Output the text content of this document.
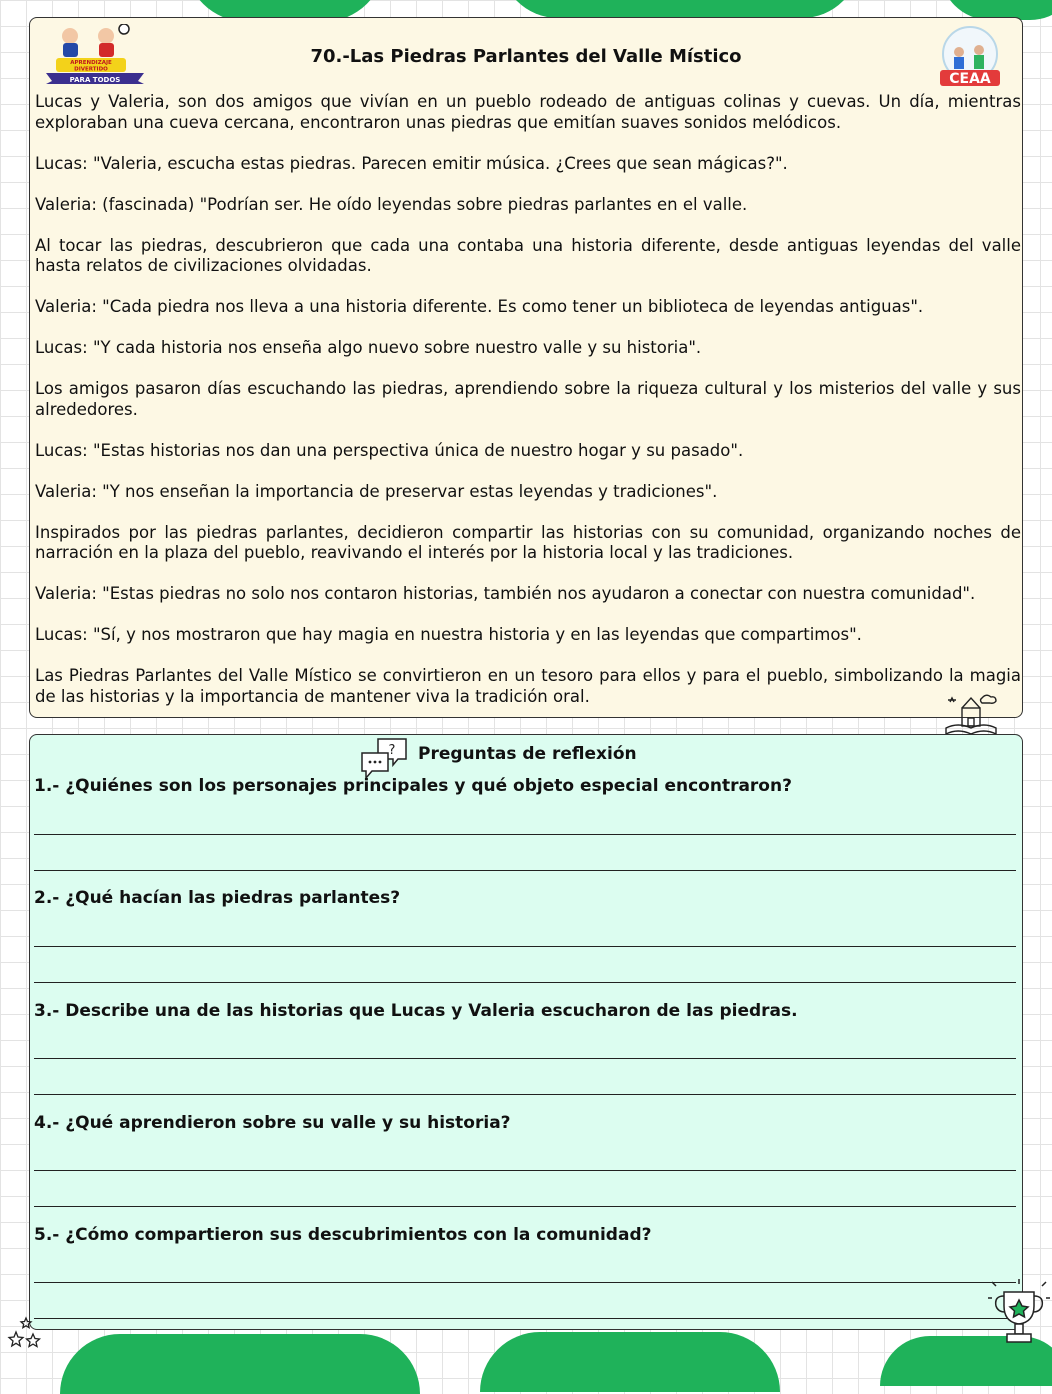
APRENDIZAJE
DIVERTIDO
PARA TODOS
70.-Las Piedras Parlantes del Valle Místico
CEAA

Lucas y Valeria, son dos amigos que vivían en un pueblo rodeado de antiguas colinas y cuevas. Un día, mientras exploraban una cueva cercana, encontraron unas piedras que emitían suaves sonidos melódicos.

Lucas: "Valeria, escucha estas piedras. Parecen emitir música. ¿Crees que sean mágicas?".

Valeria: (fascinada) "Podrían ser. He oído leyendas sobre piedras parlantes en el valle.

Al tocar las piedras, descubrieron que cada una contaba una historia diferente, desde antiguas leyendas del valle hasta relatos de civilizaciones olvidadas.

Valeria: "Cada piedra nos lleva a una historia diferente. Es como tener un biblioteca de leyendas antiguas".

Lucas: "Y cada historia nos enseña algo nuevo sobre nuestro valle y su historia".

Los amigos pasaron días escuchando las piedras, aprendiendo sobre la riqueza cultural y los misterios del valle y sus alrededores.

Lucas: "Estas historias nos dan una perspectiva única de nuestro hogar y su pasado".

Valeria: "Y nos enseñan la importancia de preservar estas leyendas y tradiciones".

Inspirados por las piedras parlantes, decidieron compartir las historias con su comunidad, organizando noches de narración en la plaza del pueblo, reavivando el interés por la historia local y las tradiciones.

Valeria: "Estas piedras no solo nos contaron historias, también nos ayudaron a conectar con nuestra comunidad".

Lucas: "Sí, y nos mostraron que hay magia en nuestra historia y en las leyendas que compartimos".

Las Piedras Parlantes del Valle Místico se convirtieron en un tesoro para ellos y para el pueblo, simbolizando la magia de las historias y la importancia de mantener viva la tradición oral.

? Preguntas de reflexión
1.- ¿Quiénes son los personajes principales y qué objeto especial encontraron?
2.- ¿Qué hacían las piedras parlantes?
3.- Describe una de las historias que Lucas y Valeria escucharon de las piedras.
4.- ¿Qué aprendieron sobre su valle y su historia?
5.- ¿Cómo compartieron sus descubrimientos con la comunidad?
